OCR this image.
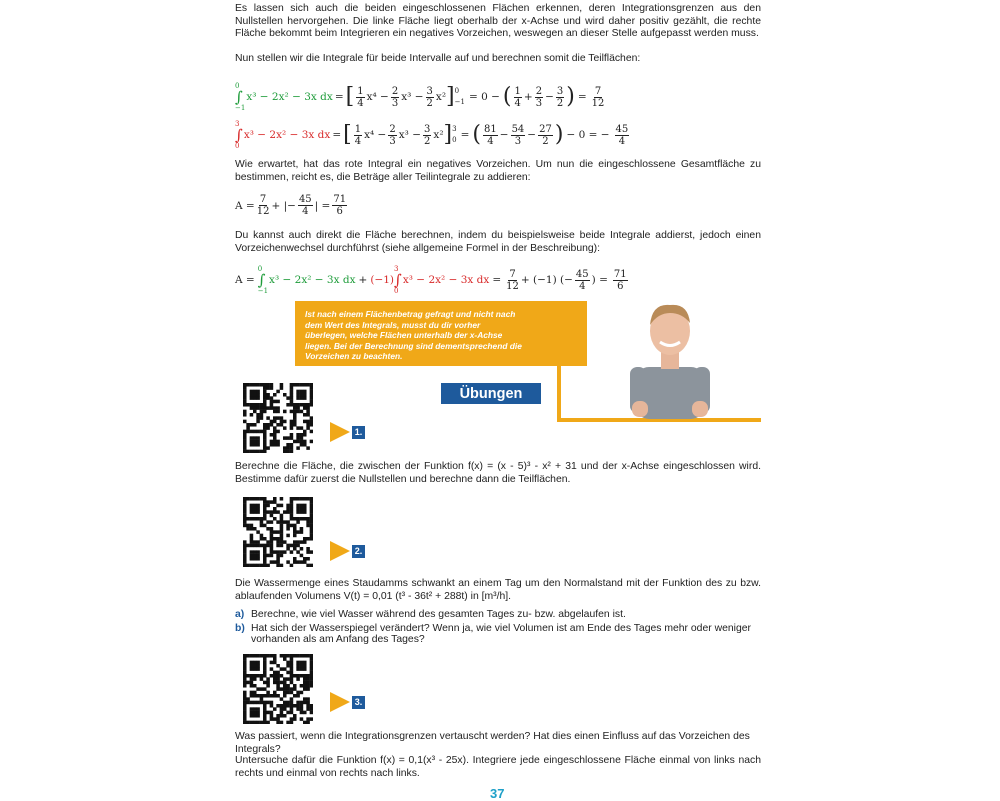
Es lassen sich auch die beiden eingeschlossenen Flächen erkennen, deren Integrationsgrenzen aus den Nullstellen hervorgehen. Die linke Fläche liegt oberhalb der x-Achse und wird daher positiv gezählt, die rechte Fläche bekommt beim Integrieren ein negatives Vorzeichen, weswegen an dieser Stelle aufgepasst werden muss.

Nun stellen wir die Integrale für beide Intervalle auf und berechnen somit die Teilflächen:

0
∫
−1
x³ − 2x² − 3x dx = [ $\frac{1}{4} x^4 - \frac{2}{3} x^3 - \frac{3}{2} x^2$ ] 0
−1 = 0 − ( $\frac{1}{4} + \frac{2}{3} - \frac{3}{2}$ ) = $\frac{7}{12}$
3
∫
0
x³ − 2x² − 3x dx = [ $\frac{1}{4} x^4 - \frac{2}{3} x^3 - \frac{3}{2} x^2$ ] 3
0 = ( $\frac{81}{4} - \frac{54}{3} - \frac{27}{2}$ ) − 0 = − $\frac{45}{4}$

Wie erwartet, hat das rote Integral ein negatives Vorzeichen. Um nun die eingeschlossene Gesamtfläche zu bestimmen, reicht es, die Beträge aller Teilintegrale zu addieren:

$A = \frac{7}{12}$ + |− $\frac{45}{4}$ | = $\frac{71}{6}$

Du kannst auch direkt die Fläche berechnen, indem du beispielsweise beide Integrale addierst, jedoch einen Vorzeichenwechsel durchführst (siehe allgemeine Formel in der Beschreibung):

A =
0
∫
−1
x³ − 2x² − 3x dx + (−1)
3
∫
0
x³ − 2x² − 3x dx = $\frac{7}{12} + (-1)$ (− $\frac{45}{4}$ ) = $\frac{71}{6}$
Ist nach einem Flächenbetrag gefragt und nicht nach dem Wert des Integrals, musst du dir vorher überlegen, welche Flächen unterhalb der x-Achse liegen. Bei der Berechnung sind dementsprechend die Vorzeichen zu beachten.
Übungen
1.

Berechne die Fläche, die zwischen der Funktion f(x) = (x - 5)³ - x² + 31 und der x-Achse eingeschlossen wird. Bestimme dafür zuerst die Nullstellen und berechne dann die Teilflächen.

2.

Die Wassermenge eines Staudamms schwankt an einem Tag um den Normalstand mit der Funktion des zu bzw. ablaufenden Volumens V(t) = 0,01 (t³ - 36t² + 288t) in [m³/h].

a) Berechne, wie viel Wasser während des gesamten Tages zu- bzw. abgelaufen ist.
b) Hat sich der Wasserspiegel verändert? Wenn ja, wie viel Volumen ist am Ende des Tages mehr oder weniger vorhanden als am Anfang des Tages?
3.

Was passiert, wenn die Integrationsgrenzen vertauscht werden? Hat dies einen Einfluss auf das Vorzeichen des Integrals?

Untersuche dafür die Funktion f(x) = 0,1(x³ - 25x). Integriere jede eingeschlossene Fläche einmal von links nach rechts und einmal von rechts nach links.

37
